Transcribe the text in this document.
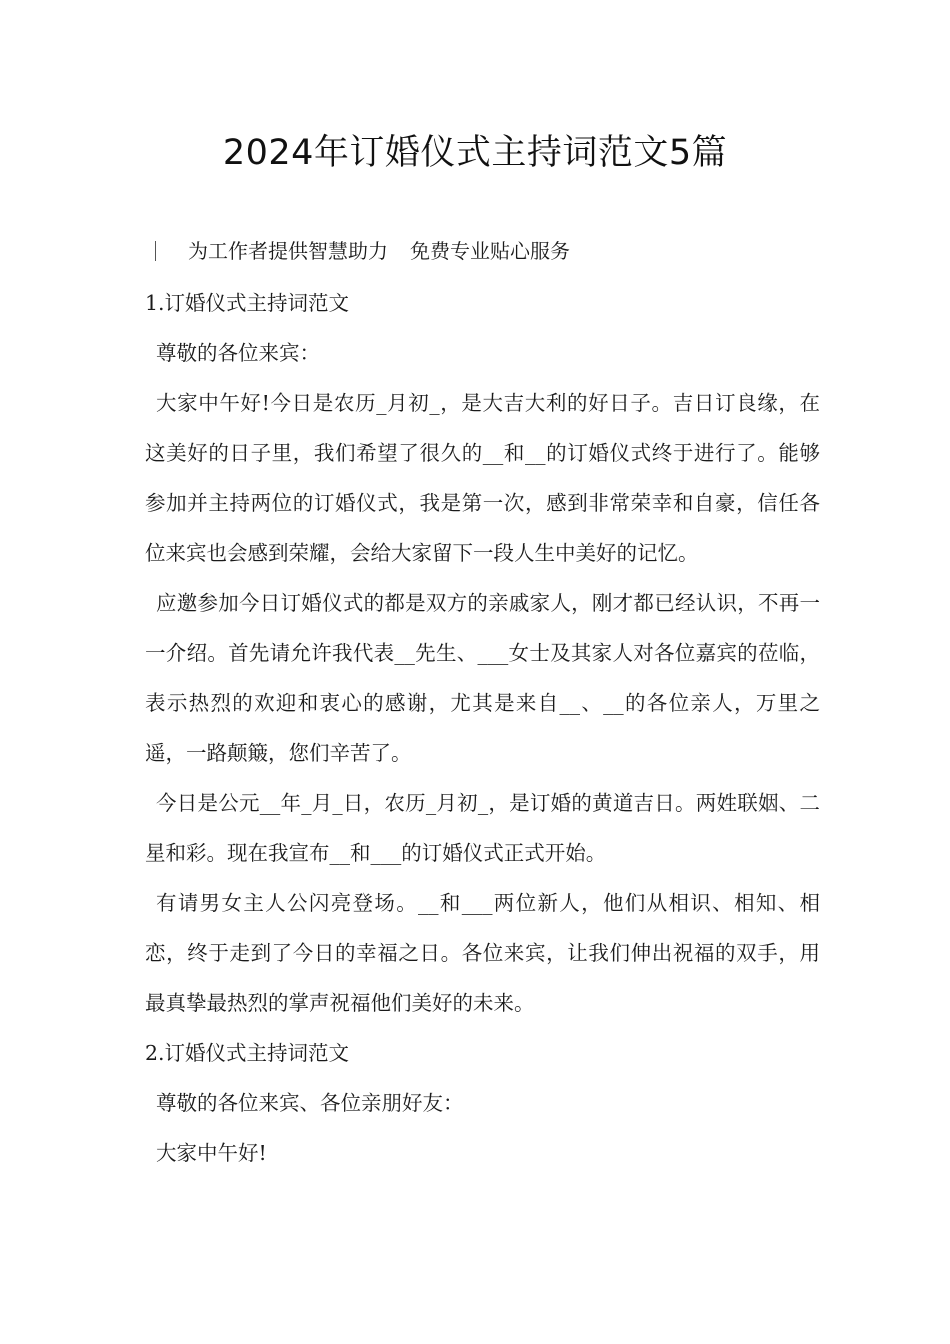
2024年订婚仪式主持词范文5篇
为工作者提供智慧助力 免费专业贴心服务

1.订婚仪式主持词范文

尊敬的各位来宾：

大家中午好!今日是农历_月初_，是大吉大利的好日子。吉日订良缘，在这美好的日子里，我们希望了很久的__和__的订婚仪式终于进行了。能够参加并主持两位的订婚仪式，我是第一次，感到非常荣幸和自豪，信任各位来宾也会感到荣耀，会给大家留下一段人生中美好的记忆。

应邀参加今日订婚仪式的都是双方的亲戚家人，刚才都已经认识，不再一一介绍。首先请允许我代表__先生、___女士及其家人对各位嘉宾的莅临，表示热烈的欢迎和衷心的感谢，尤其是来自__、__的各位亲人，万里之遥，一路颠簸，您们辛苦了。

今日是公元__年_月_日，农历_月初_，是订婚的黄道吉日。两姓联姻、二星和彩。现在我宣布__和___的订婚仪式正式开始。

有请男女主人公闪亮登场。__和___两位新人，他们从相识、相知、相恋，终于走到了今日的幸福之日。各位来宾，让我们伸出祝福的双手，用最真挚最热烈的掌声祝福他们美好的未来。

2.订婚仪式主持词范文

尊敬的各位来宾、各位亲朋好友：

大家中午好!
